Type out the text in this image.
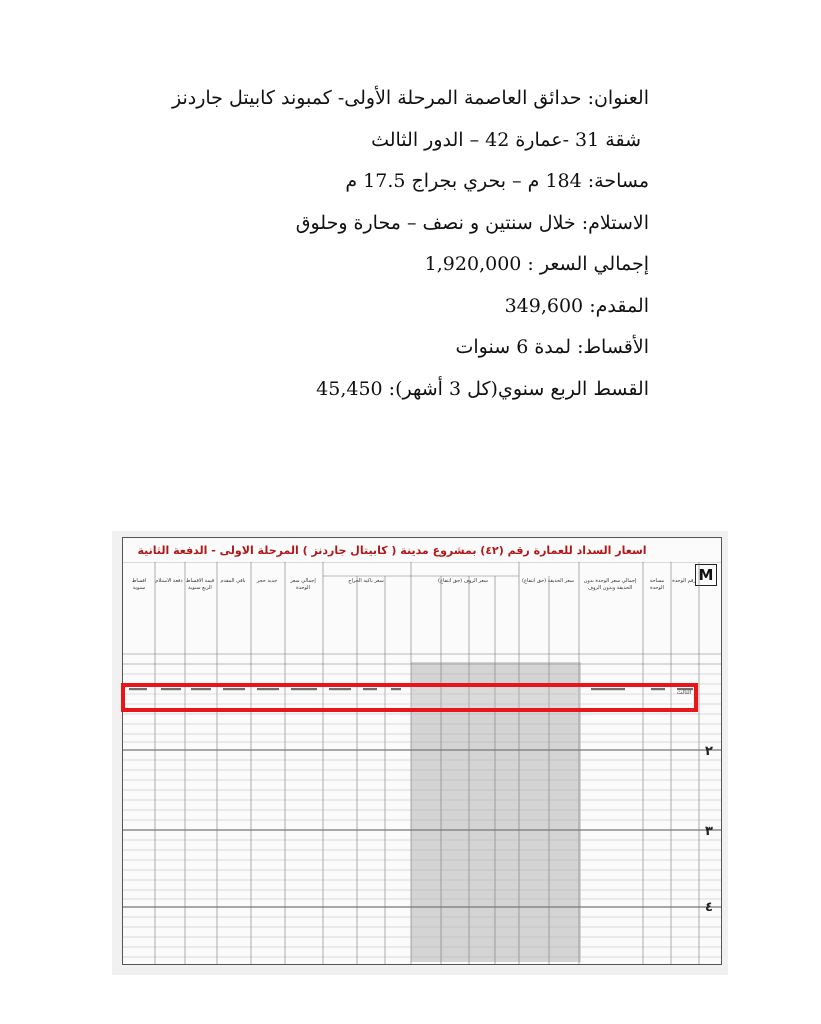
العنوان: حدائق العاصمة المرحلة الأولى- كمبوند كابيتل جاردنز
شقة 31 -عمارة 42 – الدور الثالث
مساحة: 184 م – بحري بجراج 17.5 م
الاستلام: خلال سنتين و نصف – محارة وحلوق
إجمالي السعر : 1,920,000
المقدم: 349,600
الأقساط: لمدة 6 سنوات
القسط الربع سنوي(كل 3 أشهر): 45,450
اسعار السداد للعمارة رقم (٤٢) بمشروع مدينة ( كابيتال جاردنز ) المرحلة الاولى - الدفعة الثانية
M
رقم الوحدة
مساحة الوحدة
إجمالي سعر الوحدة بدون الحديقة وبدون الروف
سعر الحديقة (حق انتفاع)
سعر الروف (حق انتفاع)
سعر باكية الجراج
إجمالي سعر الوحدة
جدية حجز
باقي المقدم
قيمة الاقساط الربع سنوية
دفعة الاستلام
اقساط سنوية
٢
٣
٤
الثالث
